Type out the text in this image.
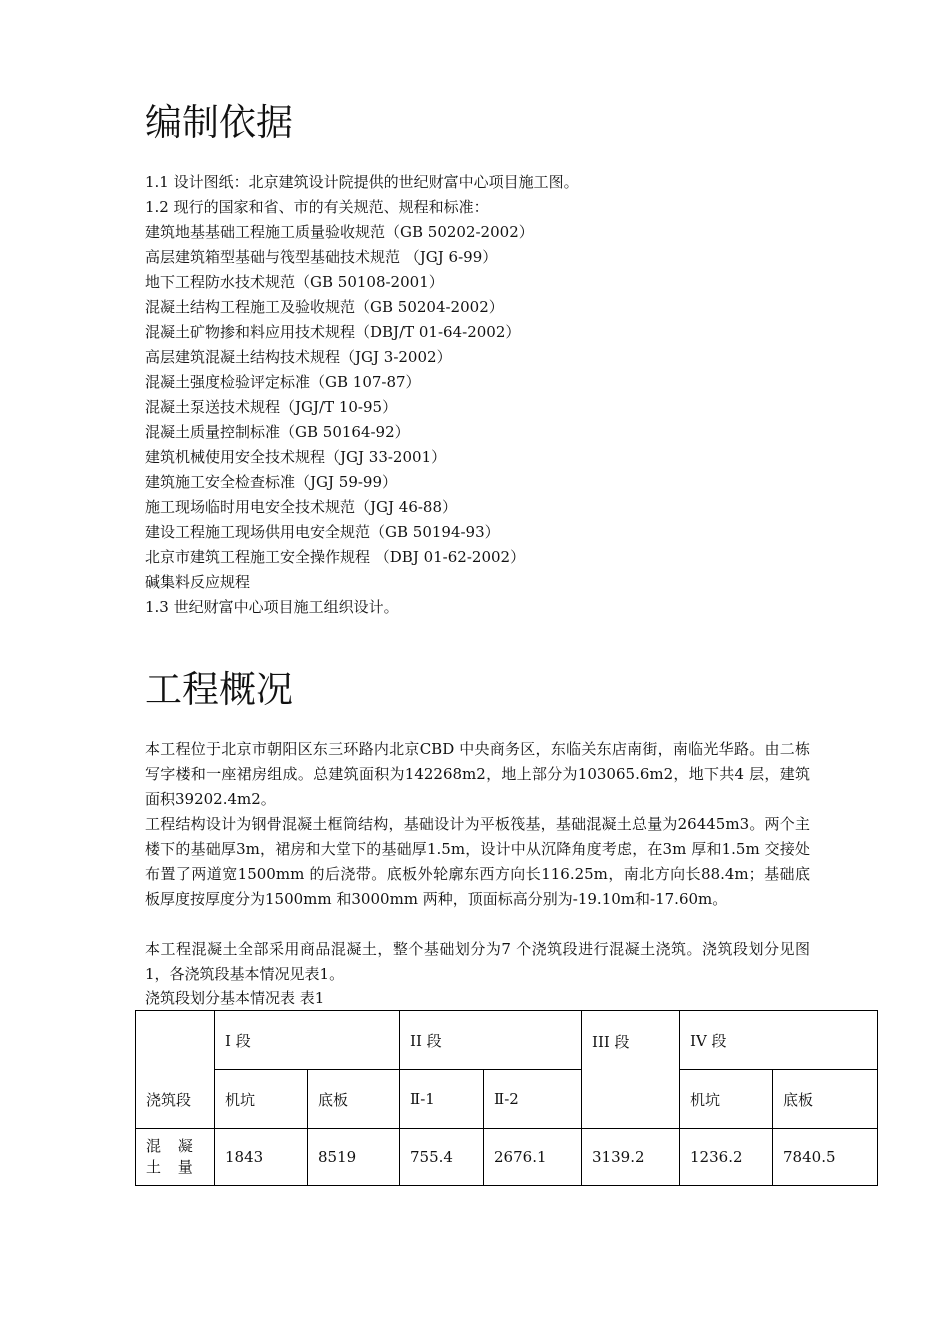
编制依据
1.1 设计图纸：北京建筑设计院提供的世纪财富中心项目施工图。
1.2 现行的国家和省、市的有关规范、规程和标准：
建筑地基基础工程施工质量验收规范（GB 50202-2002）
高层建筑箱型基础与筏型基础技术规范 （JGJ 6-99）
地下工程防水技术规范（GB 50108-2001）
混凝土结构工程施工及验收规范（GB 50204-2002）
混凝土矿物掺和料应用技术规程（DBJ/T 01-64-2002）
高层建筑混凝土结构技术规程（JGJ 3-2002）
混凝土强度检验评定标准（GB 107-87）
混凝土泵送技术规程（JGJ/T 10-95）
混凝土质量控制标准（GB 50164-92）
建筑机械使用安全技术规程（JGJ 33-2001）
建筑施工安全检查标准（JGJ 59-99）
施工现场临时用电安全技术规范（JGJ 46-88）
建设工程施工现场供用电安全规范（GB 50194-93）
北京市建筑工程施工安全操作规程 （DBJ 01-62-2002）
碱集料反应规程
1.3 世纪财富中心项目施工组织设计。
工程概况

本工程位于北京市朝阳区东三环路内北京CBD 中央商务区，东临关东店南街，南临光华路。由二栋写字楼和一座裙房组成。总建筑面积为142268m2，地上部分为103065.6m2，地下共4 层，建筑面积39202.4m2。

工程结构设计为钢骨混凝土框筒结构，基础设计为平板筏基，基础混凝土总量为26445m3。两个主楼下的基础厚3m，裙房和大堂下的基础厚1.5m，设计中从沉降角度考虑，在3m 厚和1.5m 交接处布置了两道宽1500mm 的后浇带。底板外轮廓东西方向长116.25m，南北方向长88.4m；基础底板厚度按厚度分为1500mm 和3000mm 两种，顶面标高分别为-19.10m和-17.60m。

本工程混凝土全部采用商品混凝土，整个基础划分为7 个浇筑段进行混凝土浇筑。浇筑段划分见图1，各浇筑段基本情况见表1。

浇筑段划分基本情况表 表1
浇筑段	I 段		II 段		III 段	IV 段	
	机坑	底板	Ⅱ-1	Ⅱ-2		机坑	底板
混 凝 土 量	1843	8519	755.4	2676.1	3139.2	1236.2	7840.5
